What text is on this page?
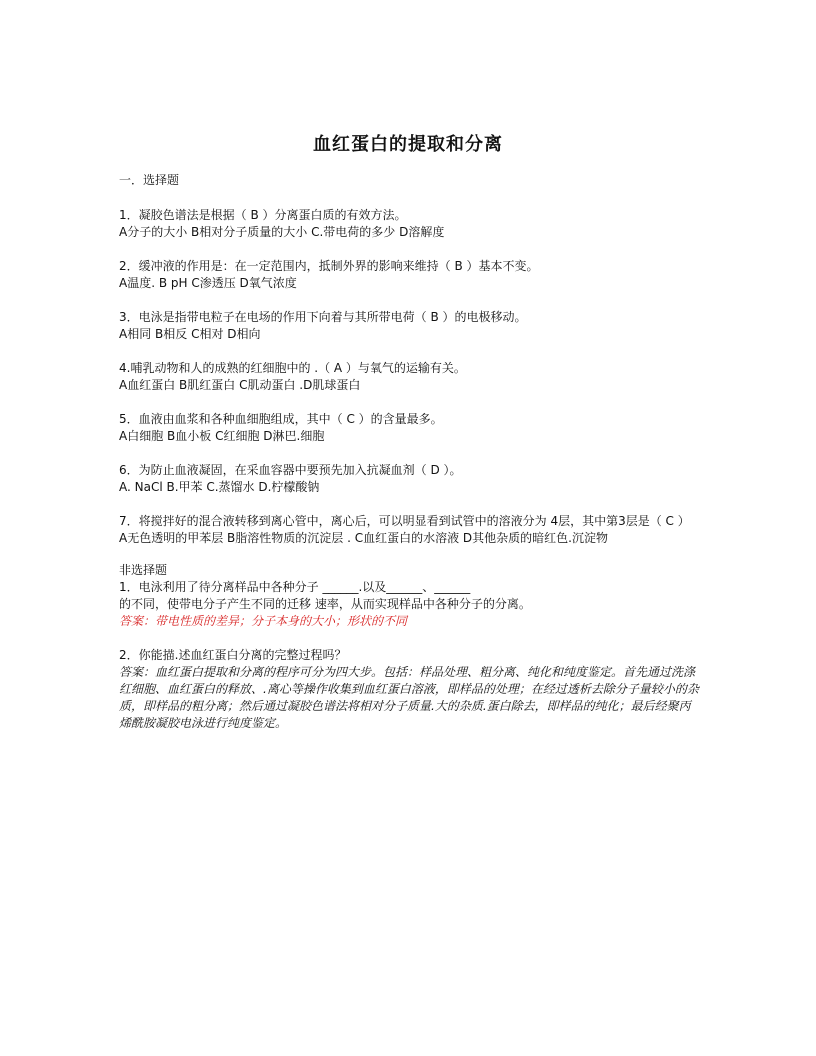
血红蛋白的提取和分离
一．选择题
1．凝胶色谱法是根据（ B ）分离蛋白质的有效方法。
A分子的大小 B相对分子质量的大小 C.带电荷的多少 D溶解度
2．缓冲液的作用是：在一定范围内，抵制外界的影响来维持（ B ）基本不变。
A温度. B pH C渗透压 D氧气浓度
3．电泳是指带电粒子在电场的作用下向着与其所带电荷（ B ）的电极移动。
A相同 B相反 C相对 D相向
4.哺乳动物和人的成熟的红细胞中的 .（ A ）与氧气的运输有关。
A血红蛋白 B肌红蛋白 C肌动蛋白 .D肌球蛋白
5．血液由血浆和各种血细胞组成，其中（ C ）的含量最多。
A白细胞 B血小板 C红细胞 D淋巴.细胞
6．为防止血液凝固，在采血容器中要预先加入抗凝血剂（ D ）。
A. NaCl B.甲苯 C.蒸馏水 D.柠檬酸钠
7．将搅拌好的混合液转移到离心管中，离心后，可以明显看到试管中的溶液分为 4层，其中第3层是（ C ）
A无色透明的甲苯层 B脂溶性物质的沉淀层 . C血红蛋白的水溶液 D其他杂质的暗红色.沉淀物
非选择题
1．电泳利用了待分离样品中各种分子 ______.以及______、______
的不同，使带电分子产生不同的迁移 速率，从而实现样品中各种分子的分离。
答案：带电性质的差异；分子本身的大小；形状的不同
2．你能描.述血红蛋白分离的完整过程吗？
答案：血红蛋白提取和分离的程序可分为四大步。包括：样品处理、粗分离、纯化和纯度鉴定。首先通过洗涤红细胞、血红蛋白的释放、.离心等操作收集到血红蛋白溶液，即样品的处理；在经过透析去除分子量较小的杂质，即样品的粗分离；然后通过凝胶色谱法将相对分子质量.大的杂质.蛋白除去，即样品的纯化；最后经聚丙烯酰胺凝胶电泳进行纯度鉴定。
